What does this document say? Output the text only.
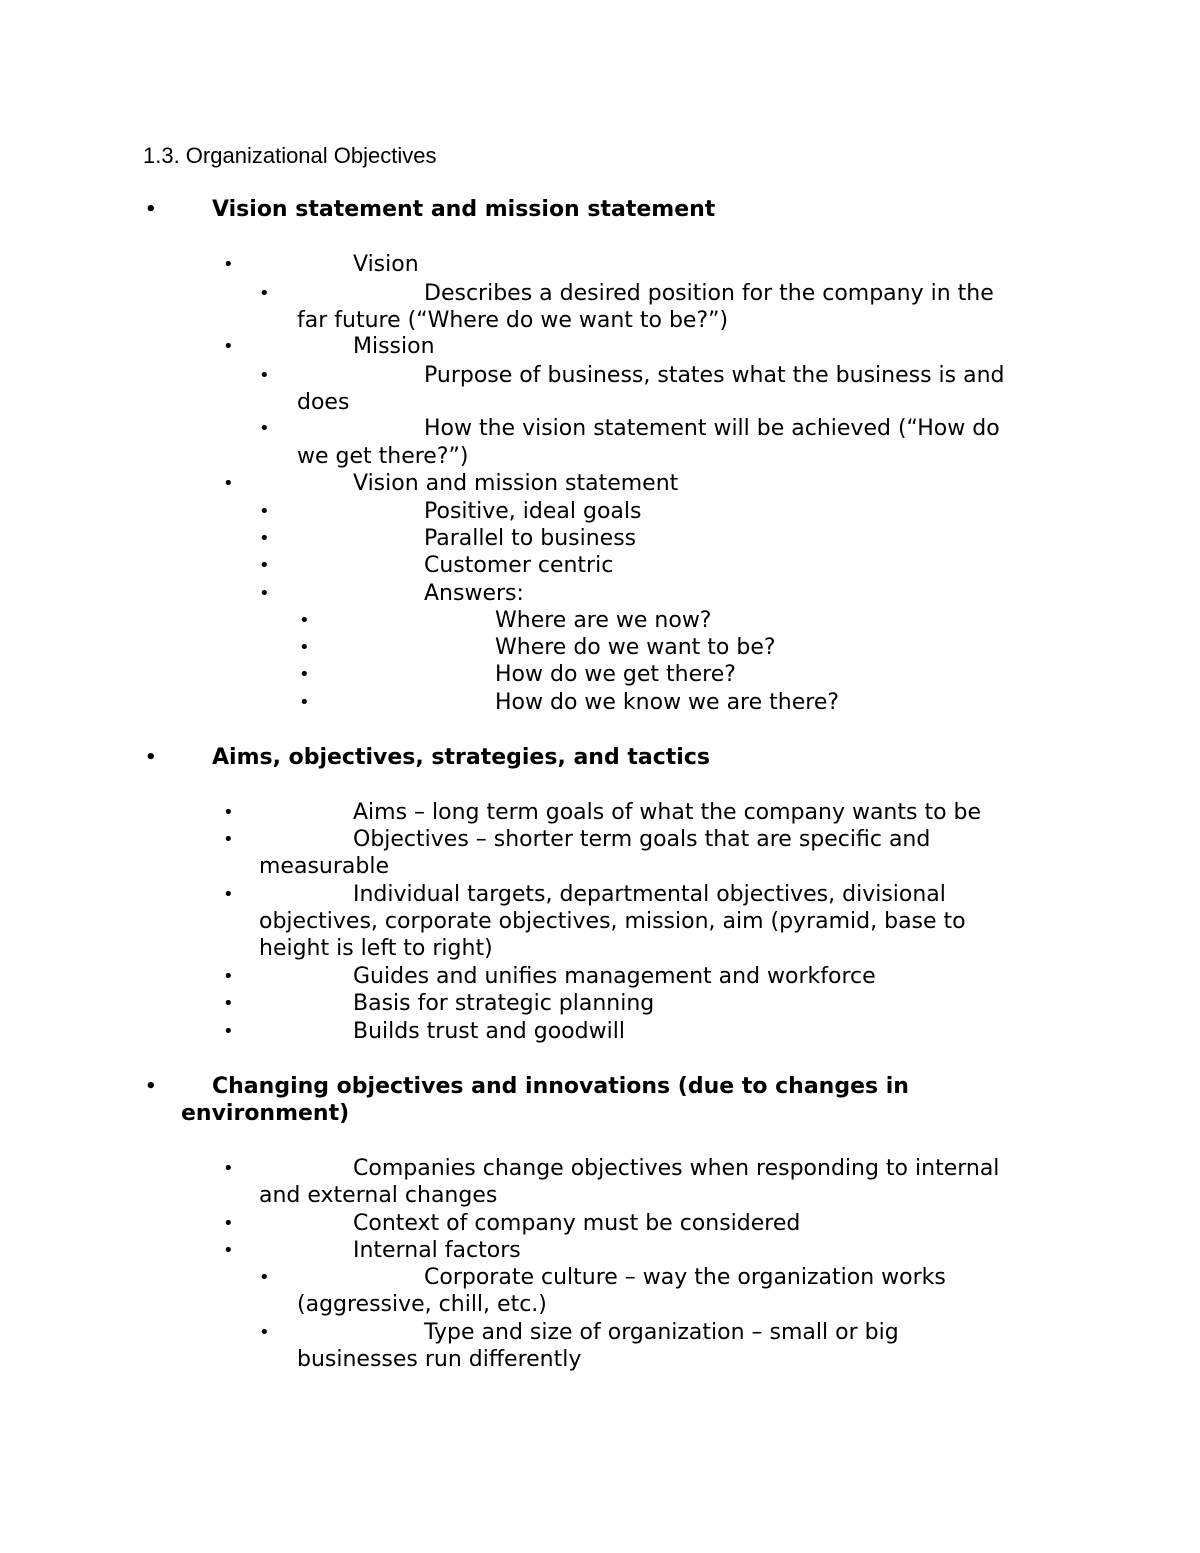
1.3. Organizational Objectives
•	Vision statement and mission statement
•	Vision
•	Describes a desired position for the company in the
far future (“Where do we want to be?”)
•	Mission
•	Purpose of business, states what the business is and
does
•	How the vision statement will be achieved (“How do
we get there?”)
•	Vision and mission statement
•	Positive, ideal goals
•	Parallel to business
•	Customer centric
•	Answers:
•	Where are we now?
•	Where do we want to be?
•	How do we get there?
•	How do we know we are there?
•	Aims, objectives, strategies, and tactics
•	Aims – long term goals of what the company wants to be
•	Objectives – shorter term goals that are specific and
measurable
•	Individual targets, departmental objectives, divisional
objectives, corporate objectives, mission, aim (pyramid, base to
height is left to right)
•	Guides and unifies management and workforce
•	Basis for strategic planning
•	Builds trust and goodwill
•	Changing objectives and innovations (due to changes in
environment)
•	Companies change objectives when responding to internal
and external changes
•	Context of company must be considered
•	Internal factors
•	Corporate culture – way the organization works
(aggressive, chill, etc.)
•	Type and size of organization – small or big
businesses run differently
